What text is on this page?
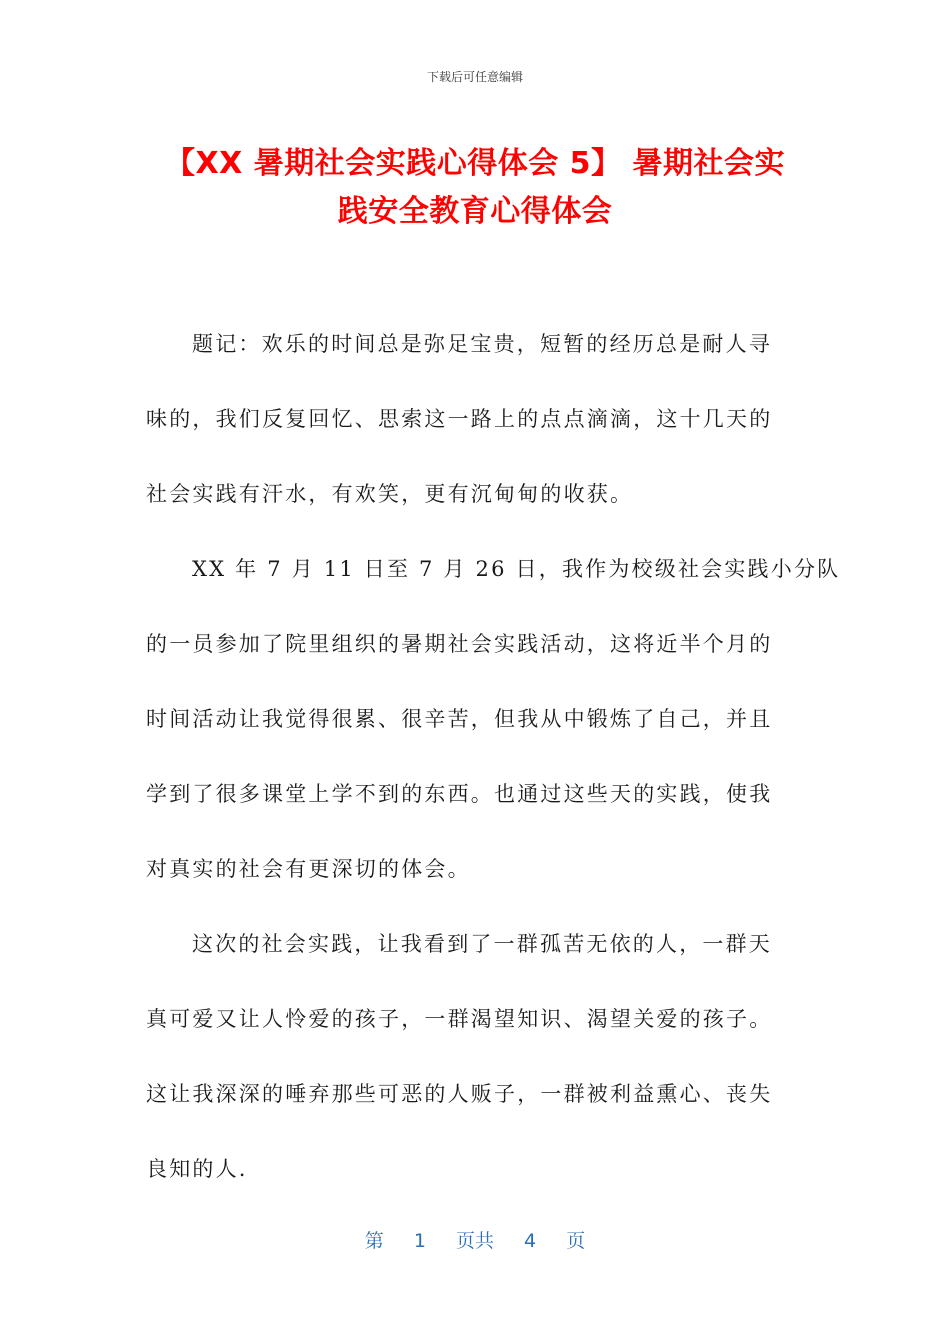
下载后可任意编辑
【XX 暑期社会实践心得体会 5】 暑期社会实
践安全教育心得体会
题记：欢乐的时间总是弥足宝贵，短暂的经历总是耐人寻
味的，我们反复回忆、思索这一路上的点点滴滴，这十几天的
社会实践有汗水，有欢笑，更有沉甸甸的收获。
XX 年 7 月 11 日至 7 月 26 日，我作为校级社会实践小分队
的一员参加了院里组织的暑期社会实践活动，这将近半个月的
时间活动让我觉得很累、很辛苦，但我从中锻炼了自己，并且
学到了很多课堂上学不到的东西。也通过这些天的实践，使我
对真实的社会有更深切的体会。
这次的社会实践，让我看到了一群孤苦无依的人，一群天
真可爱又让人怜爱的孩子，一群渴望知识、渴望关爱的孩子。
这让我深深的唾弃那些可恶的人贩子，一群被利益熏心、丧失
良知的人.
第 1 页共 4 页
